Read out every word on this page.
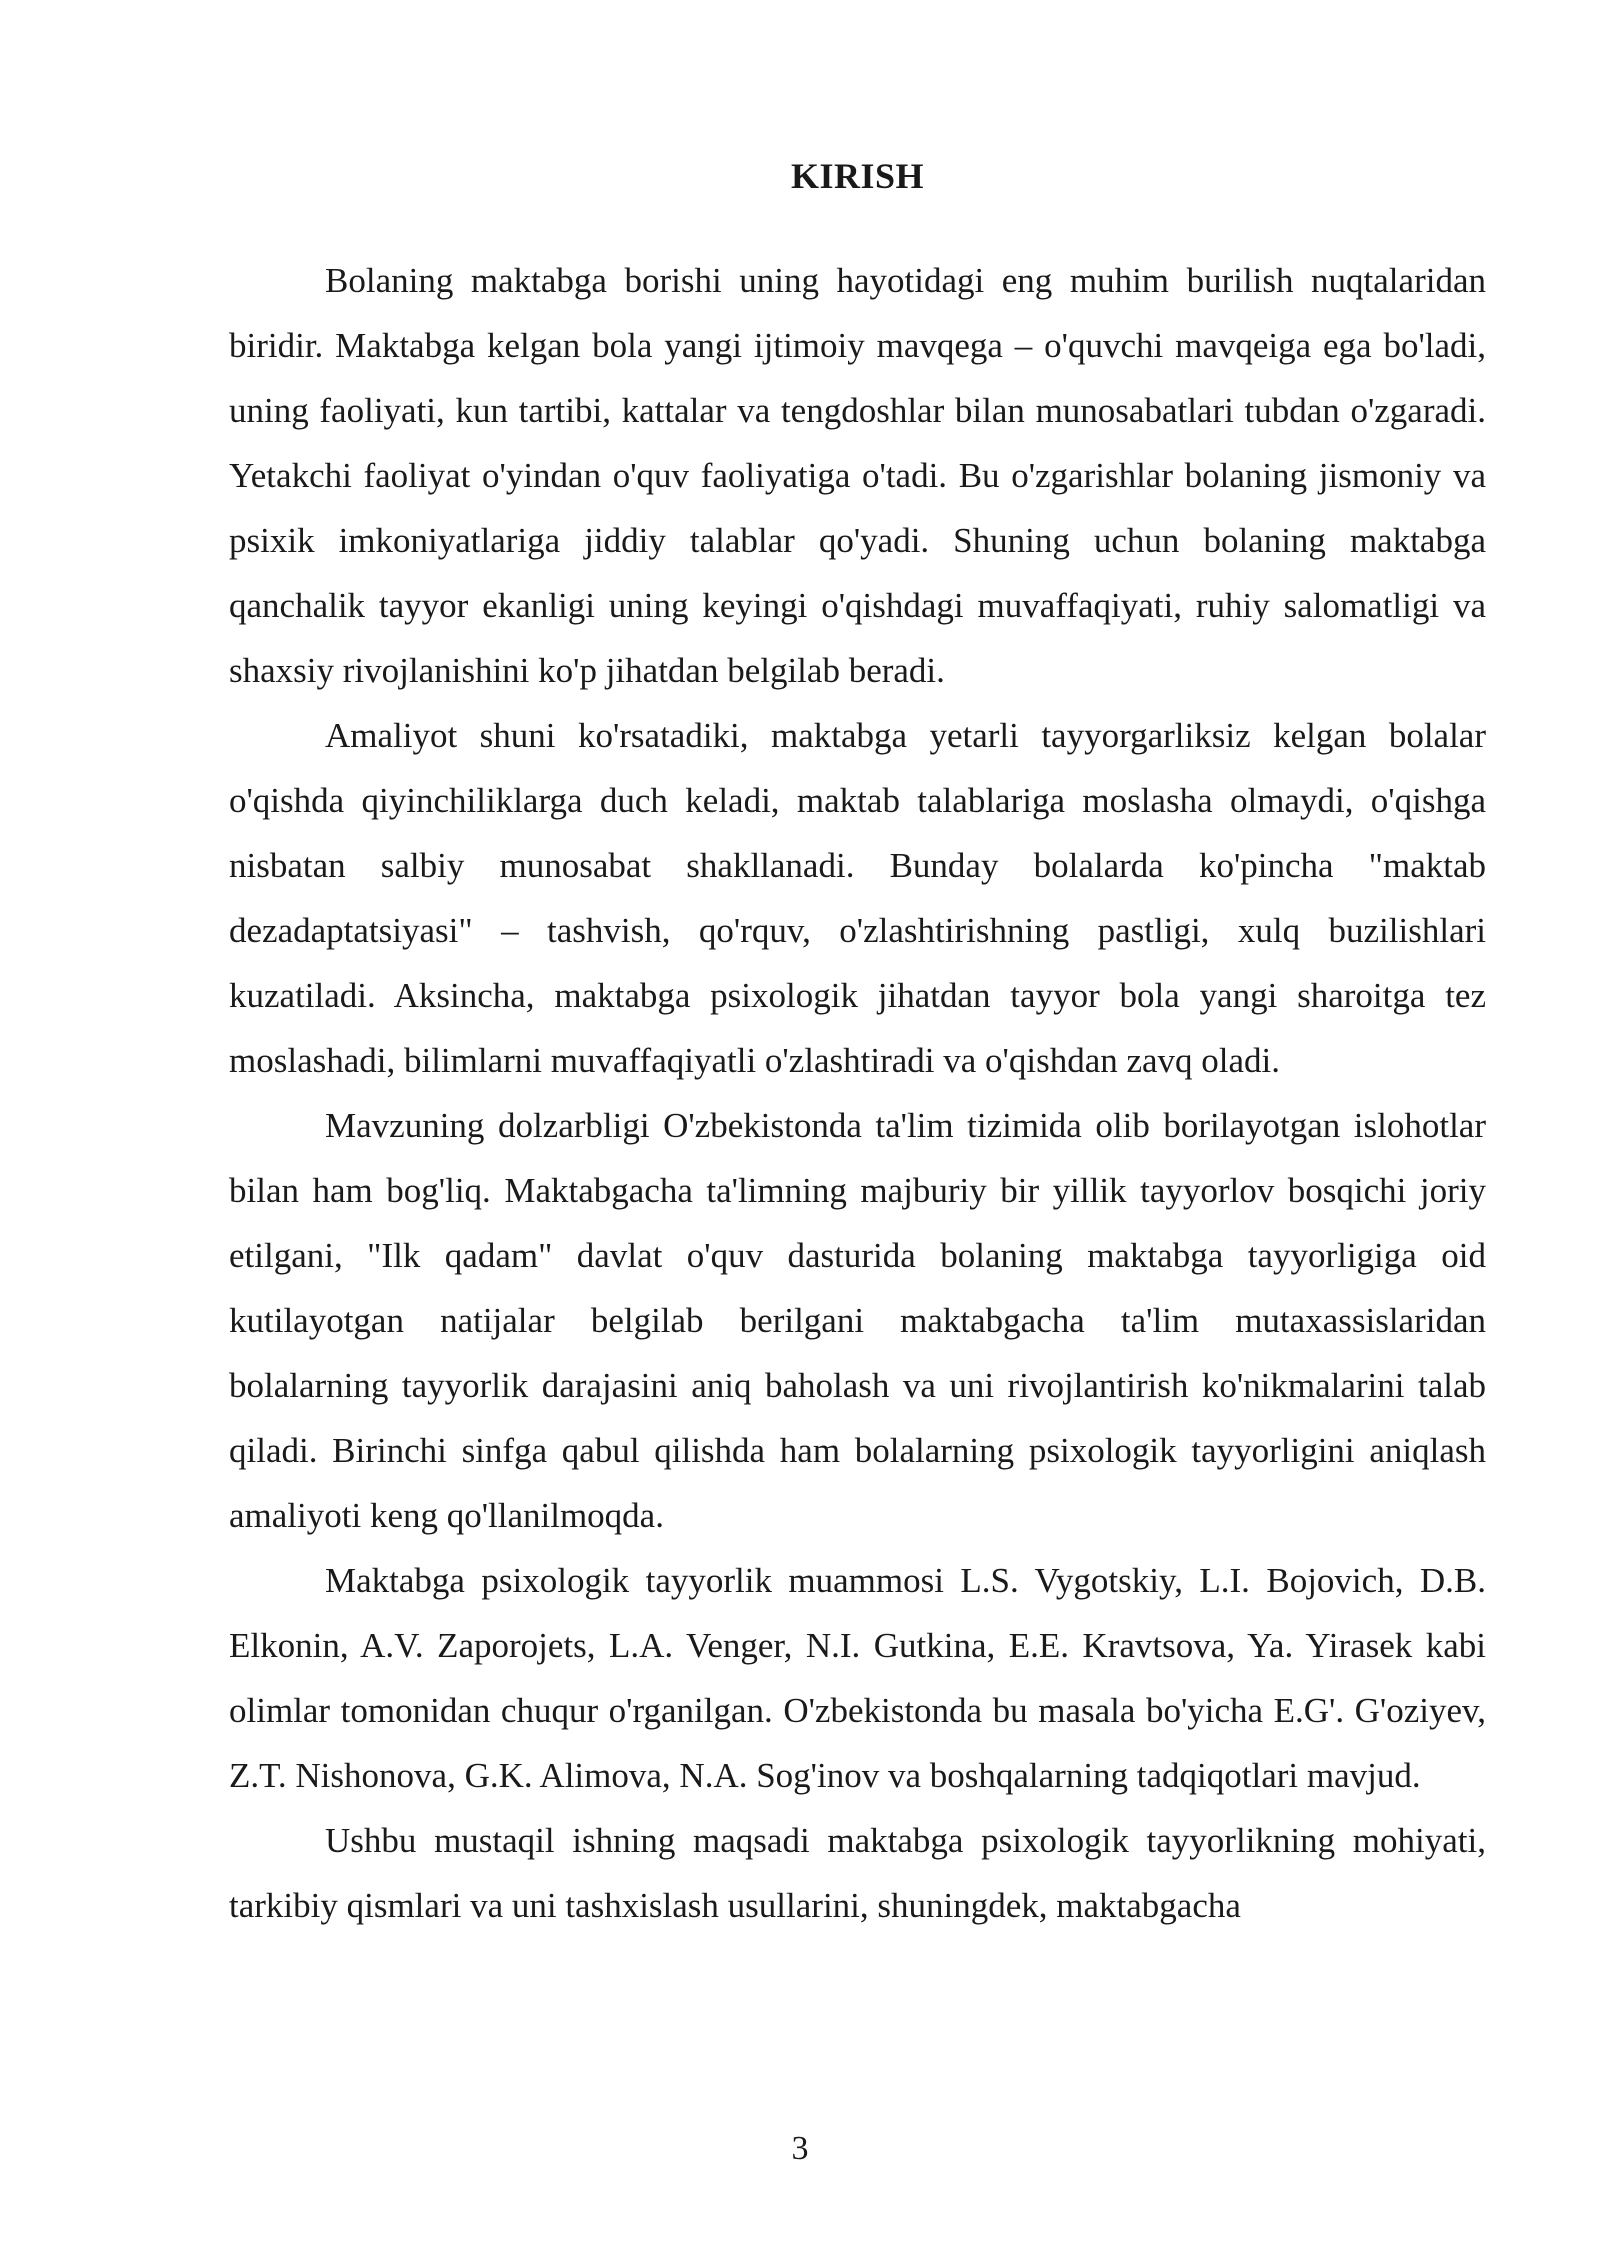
KIRISH

Bolaning maktabga borishi uning hayotidagi eng muhim burilish nuqtalaridan biridir. Maktabga kelgan bola yangi ijtimoiy mavqega – o'quvchi mavqeiga ega bo'ladi, uning faoliyati, kun tartibi, kattalar va tengdoshlar bilan munosabatlari tubdan o'zgaradi. Yetakchi faoliyat o'yindan o'quv faoliyatiga o'tadi. Bu o'zgarishlar bolaning jismoniy va psixik imkoniyatlariga jiddiy talablar qo'yadi. Shuning uchun bolaning maktabga qanchalik tayyor ekanligi uning keyingi o'qishdagi muvaffaqiyati, ruhiy salomatligi va shaxsiy rivojlanishini ko'p jihatdan belgilab beradi.

Amaliyot shuni ko'rsatadiki, maktabga yetarli tayyorgarliksiz kelgan bolalar o'qishda qiyinchiliklarga duch keladi, maktab talablariga moslasha olmaydi, o'qishga nisbatan salbiy munosabat shakllanadi. Bunday bolalarda ko'pincha "maktab dezadaptatsiyasi" – tashvish, qo'rquv, o'zlashtirishning pastligi, xulq buzilishlari kuzatiladi. Aksincha, maktabga psixologik jihatdan tayyor bola yangi sharoitga tez moslashadi, bilimlarni muvaffaqiyatli o'zlashtiradi va o'qishdan zavq oladi.

Mavzuning dolzarbligi O'zbekistonda ta'lim tizimida olib borilayotgan islohotlar bilan ham bog'liq. Maktabgacha ta'limning majburiy bir yillik tayyorlov bosqichi joriy etilgani, "Ilk qadam" davlat o'quv dasturida bolaning maktabga tayyorligiga oid kutilayotgan natijalar belgilab berilgani maktabgacha ta'lim mutaxassislaridan bolalarning tayyorlik darajasini aniq baholash va uni rivojlantirish ko'nikmalarini talab qiladi. Birinchi sinfga qabul qilishda ham bolalarning psixologik tayyorligini aniqlash amaliyoti keng qo'llanilmoqda.

Maktabga psixologik tayyorlik muammosi L.S. Vygotskiy, L.I. Bojovich, D.B. Elkonin, A.V. Zaporojets, L.A. Venger, N.I. Gutkina, E.E. Kravtsova, Ya. Yirasek kabi olimlar tomonidan chuqur o'rganilgan. O'zbekistonda bu masala bo'yicha E.G'. G'oziyev, Z.T. Nishonova, G.K. Alimova, N.A. Sog'inov va boshqalarning tadqiqotlari mavjud.

Ushbu mustaqil ishning maqsadi maktabga psixologik tayyorlikning mohiyati, tarkibiy qismlari va uni tashxislash usullarini, shuningdek, maktabgacha

3
